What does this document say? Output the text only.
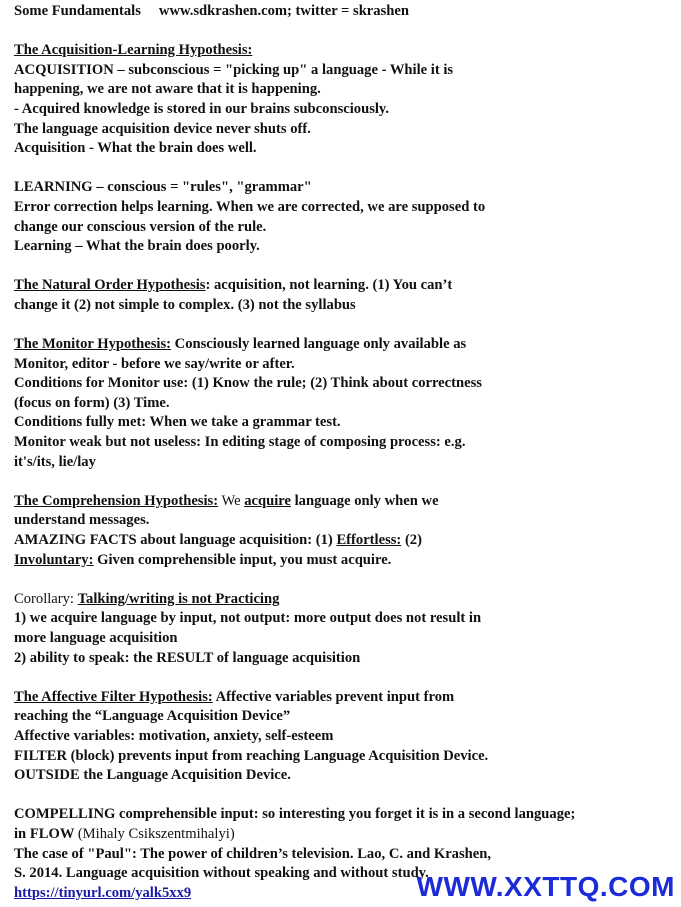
Some Fundamentals www.sdkrashen.com; twitter = skrashen
The Acquisition-Learning Hypothesis:
ACQUISITION – subconscious = "picking up" a language - While it is
happening, we are not aware that it is happening.
- Acquired knowledge is stored in our brains subconsciously.
The language acquisition device never shuts off.
Acquisition - What the brain does well.
LEARNING – conscious = "rules", "grammar"
Error correction helps learning. When we are corrected, we are supposed to
change our conscious version of the rule.
Learning – What the brain does poorly.
The Natural Order Hypothesis: acquisition, not learning. (1) You can’t
change it (2) not simple to complex. (3) not the syllabus
The Monitor Hypothesis: Consciously learned language only available as
Monitor, editor - before we say/write or after.
Conditions for Monitor use: (1) Know the rule; (2) Think about correctness
(focus on form) (3) Time.
Conditions fully met: When we take a grammar test.
Monitor weak but not useless: In editing stage of composing process: e.g.
it's/its, lie/lay
The Comprehension Hypothesis: We acquire language only when we
understand messages.
AMAZING FACTS about language acquisition: (1) Effortless: (2)
Involuntary: Given comprehensible input, you must acquire.
Corollary: Talking/writing is not Practicing
1) we acquire language by input, not output: more output does not result in
more language acquisition
2) ability to speak: the RESULT of language acquisition
The Affective Filter Hypothesis: Affective variables prevent input from
reaching the “Language Acquisition Device”
Affective variables: motivation, anxiety, self-esteem
FILTER (block) prevents input from reaching Language Acquisition Device.
OUTSIDE the Language Acquisition Device.
COMPELLING comprehensible input: so interesting you forget it is in a second language;
in FLOW (Mihaly Csikszentmihalyi)
The case of "Paul": The power of children’s television. Lao, C. and Krashen,
S. 2014. Language acquisition without speaking and without study.
https://tinyurl.com/yalk5xx9	WWW.XXTTQ.COM
